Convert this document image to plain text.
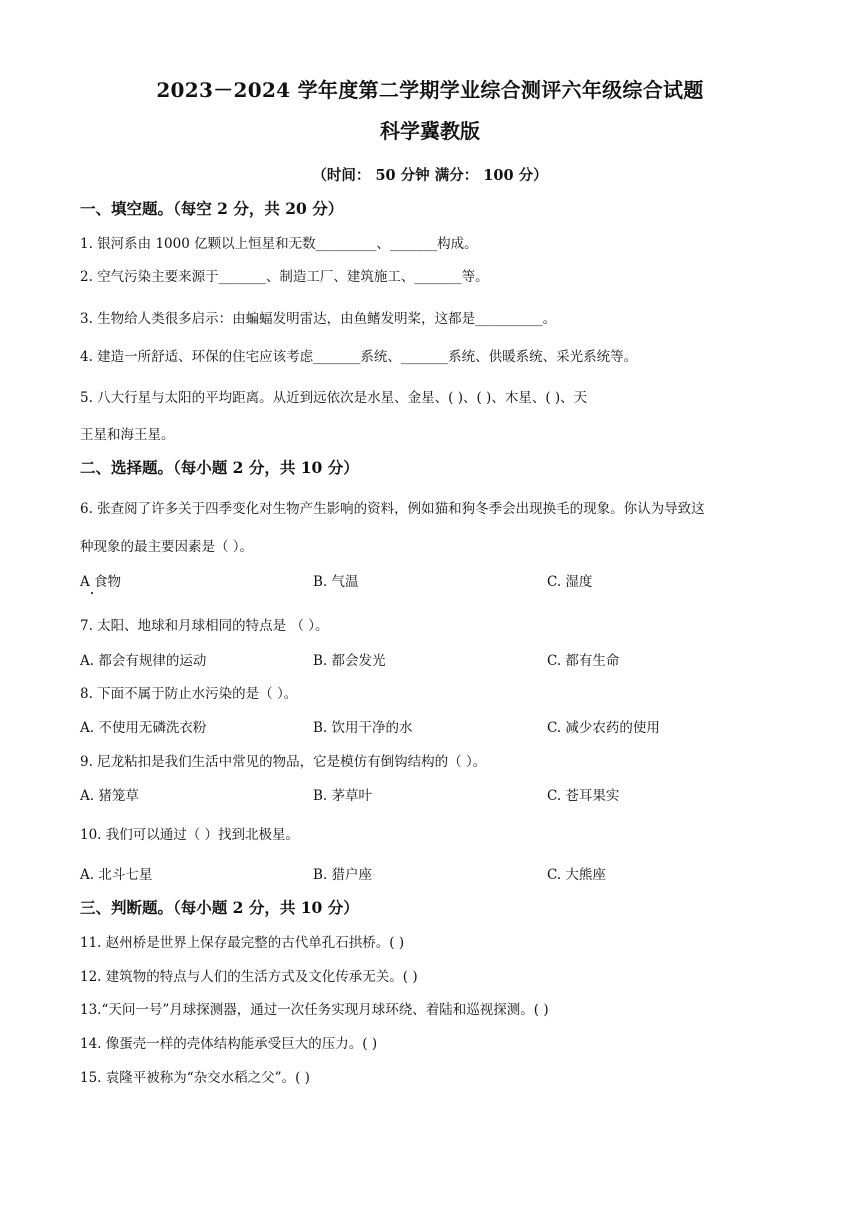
2023－2024 学年度第二学期学业综合测评六年级综合试题
科学冀教版
（时间： 50 分钟 满分： 100 分）
一、填空题。（每空 2 分，共 20 分）
1. 银河系由 1000 亿颗以上恒星和无数_________、_______构成。
2. 空气污染主要来源于_______、制造工厂、建筑施工、_______等。
3. 生物给人类很多启示：由蝙蝠发明雷达，由鱼鳍发明桨，这都是__________。
4. 建造一所舒适、环保的住宅应该考虑_______系统、_______系统、供暖系统、采光系统等。
5. 八大行星与太阳的平均距离。从近到远依次是水星、金星、( )、( )、木星、( )、天
王星和海王星。
二、选择题。（每小题 2 分，共 10 分）
6. 张查阅了许多关于四季变化对生物产生影响的资料，例如猫和狗冬季会出现换毛的现象。你认为导致这
种现象的最主要因素是（ ）。
A 食物	B. 气温	C. 湿度
7. 太阳、地球和月球相同的特点是 （ ）。
A. 都会有规律的运动	B. 都会发光	C. 都有生命
8. 下面不属于防止水污染的是（ ）。
A. 不使用无磷洗衣粉	B. 饮用干净的水	C. 减少农药的使用
9. 尼龙粘扣是我们生活中常见的物品，它是模仿有倒钩结构的（ ）。
A. 猪笼草	B. 茅草叶	C. 苍耳果实
10. 我们可以通过（ ）找到北极星。
A. 北斗七星	B. 猎户座	C. 大熊座
三、判断题。（每小题 2 分，共 10 分）
11. 赵州桥是世界上保存最完整的古代单孔石拱桥。( )
12. 建筑物的特点与人们的生活方式及文化传承无关。( )
13.“天问一号”月球探测器，通过一次任务实现月球环绕、着陆和巡视探测。( )
14. 像蛋壳一样的壳体结构能承受巨大的压力。( )
15. 袁隆平被称为“杂交水稻之父”。( )
